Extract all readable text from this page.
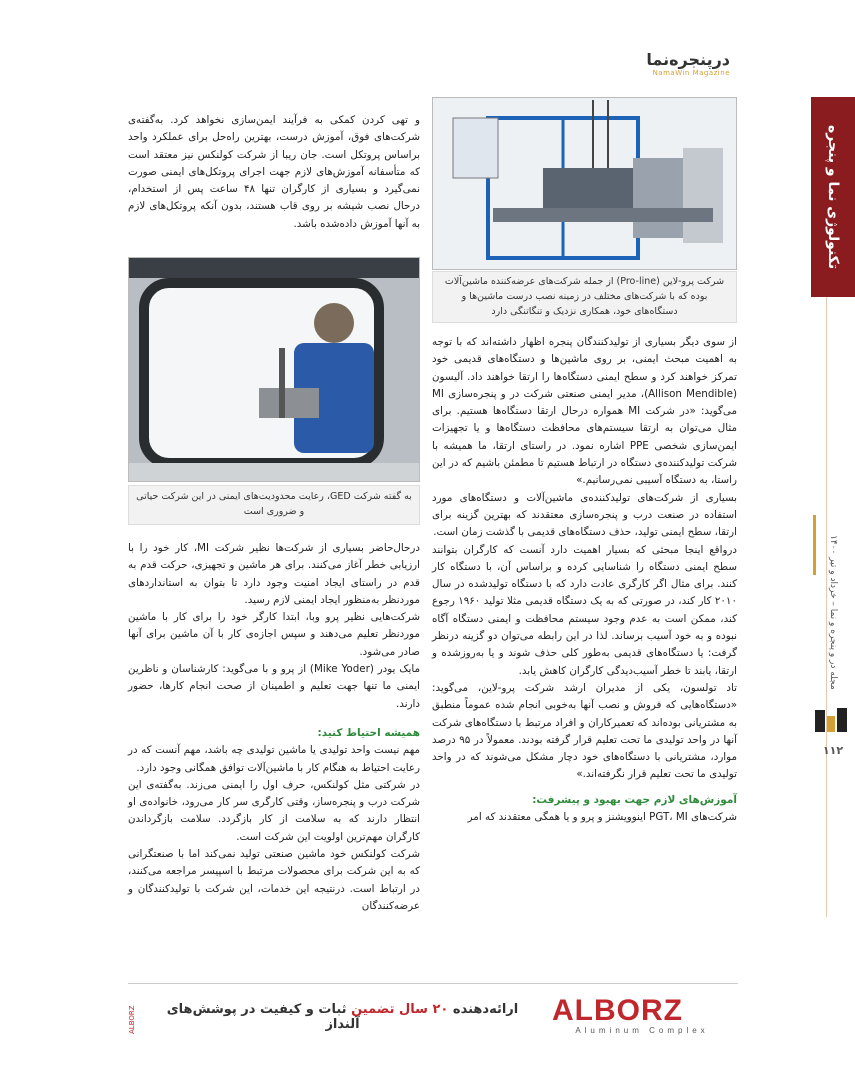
تکنولوژی نما و پنجره
مجله در و پنجره و نما – خرداد و تیر ۱۴۰۰
۱۱۲
درپنجره‌نما
NamaWin Magazine
شرکت پرو-لاین (Pro-line) از جمله شرکت‌های عرضه‌کننده ماشین‌آلات بوده که با شرکت‌های مختلف در زمینه نصب درست ماشین‌ها و دستگاه‌های خود، همکاری نزدیک و تنگاتنگی دارد
به گفته شرکت GED، رعایت محدودیت‌های ایمنی در این شرکت حیاتی و ضروری است

از سوی دیگر بسیاری از تولیدکنندگان پنجره اظهار داشته‌اند که با توجه به اهمیت مبحث ایمنی، بر روی ماشین‌ها و دستگاه‌های قدیمی خود تمرکز خواهند کرد و سطح ایمنی دستگاه‌ها را ارتقا خواهند داد. آلیسون (Allison Mendible)، مدیر ایمنی صنعتی شرکت در و پنجره‌سازی MI می‌گوید: «در شرکت MI همواره درحال ارتقا دستگاه‌ها هستیم. برای مثال می‌توان به ارتقا سیستم‌های محافظت دستگاه‌ها و یا تجهیزات ایمن‌سازی شخصی PPE اشاره نمود. در راستای ارتقا، ما همیشه با شرکت تولیدکننده‌ی دستگاه در ارتباط هستیم تا مطمئن باشیم که در این راستا، به دستگاه آسیبی نمی‌رسانیم.»

بسیاری از شرکت‌های تولیدکننده‌ی ماشین‌آلات و دستگاه‌های مورد استفاده در صنعت درب و پنجره‌سازی معتقدند که بهترین گزینه برای ارتقا، سطح ایمنی تولید، حذف دستگاه‌های قدیمی با گذشت زمان است.

درواقع اینجا مبحثی که بسیار اهمیت دارد آنست که کارگران بتوانند سطح ایمنی دستگاه را شناسایی کرده و براساس آن، با دستگاه کار کنند. برای مثال اگر کارگری عادت دارد که با دستگاه تولیدشده در سال ۲۰۱۰ کار کند، در صورتی که به یک دستگاه قدیمی مثلا تولید ۱۹۶۰ رجوع کند، ممکن است به عدم وجود سیستم محافظت و ایمنی دستگاه آگاه نبوده و به خود آسیب برساند. لذا در این رابطه می‌توان دو گزینه درنظر گرفت: یا دستگاه‌های قدیمی به‌طور کلی حذف شوند و یا به‌روزشده و ارتقا، یابند تا خطر آسیب‌دیدگی کارگران کاهش یابد.

تاد تولسون، یکی از مدیران ارشد شرکت پرو-لاین، می‌گوید: «دستگاه‌هایی که فروش و نصب آنها به‌خوبی انجام شده عموماً منطبق به مشتریانی بوده‌اند که تعمیرکاران و افراد مرتبط با دستگاه‌های شرکت آنها در واحد تولیدی ما تحت تعلیم قرار گرفته بودند. معمولاً در ۹۵ درصد موارد، مشتریانی با دستگاه‌های خود دچار مشکل می‌شوند که در واحد تولیدی ما تحت تعلیم قرار نگرفته‌اند.»

آموزش‌های لازم جهت بهبود و پیشرفت:

شرکت‌های PGT، MI اینوویشنز و پرو و یا همگی معتقدند که امر

و تهی کردن کمکی به فرآیند ایمن‌سازی نخواهد کرد. به‌گفته‌ی شرکت‌های فوق، آموزش درست، بهترین راه‌حل برای عملکرد واحد براساس پروتکل است. جان ریبا از شرکت کولنکس نیز معتقد است که متأسفانه آموزش‌های لازم جهت اجرای پروتکل‌های ایمنی صورت نمی‌گیرد و بسیاری از کارگران تنها ۴۸ ساعت پس از استخدام، درحال نصب شیشه بر روی قاب هستند، بدون آنکه پروتکل‌های لازم به آنها آموزش داده‌شده باشد.

درحال‌حاضر بسیاری از شرکت‌ها نظیر شرکت MI، کار خود را با ارزیابی خطر آغاز می‌کنند. برای هر ماشین و تجهیزی، حرکت قدم به قدم در راستای ایجاد امنیت وجود دارد تا بتوان به استانداردهای موردنظر به‌منظور ایجاد ایمنی لازم رسید.

شرکت‌هایی نظیر پرو وبا، ابتدا کارگر خود را برای کار با ماشین موردنظر تعلیم می‌دهند و سپس اجازه‌ی کار با آن ماشین برای آنها صادر می‌شود.

مایک یودر (Mike Yoder) از پرو و با می‌گوید: کارشناسان و ناظرین ایمنی ما تنها جهت تعلیم و اطمینان از صحت انجام کارها، حضور دارند.

همیشه احتیاط کنید:

مهم نیست واحد تولیدی یا ماشین تولیدی چه باشد، مهم آنست که در رعایت احتیاط به هنگام کار با ماشین‌آلات توافق همگانی وجود دارد.

در شرکتی مثل کولنکس، حرف اول را ایمنی می‌زند. به‌گفته‌ی این شرکت درب و پنجره‌ساز، وقتی کارگری سر کار می‌رود، خانواده‌ی او انتظار دارند که به سلامت از کار بازگردد. سلامت بازگرداندن کارگران مهم‌ترین اولویت این شرکت است.

شرکت کولنکس خود ماشین صنعتی تولید نمی‌کند اما با صنعتگرانی که به این شرکت برای محصولات مرتبط با اسپیسر مراجعه می‌کنند، در ارتباط است. درنتیجه این خدمات، این شرکت با تولیدکنندگان و عرضه‌کنندگان

ALBORZ	ارائه‌دهنده ۲۰ سال تضمین ثبات و کیفیت در پوشش‌های آلنداز	ALBORZ
Aluminum Complex
